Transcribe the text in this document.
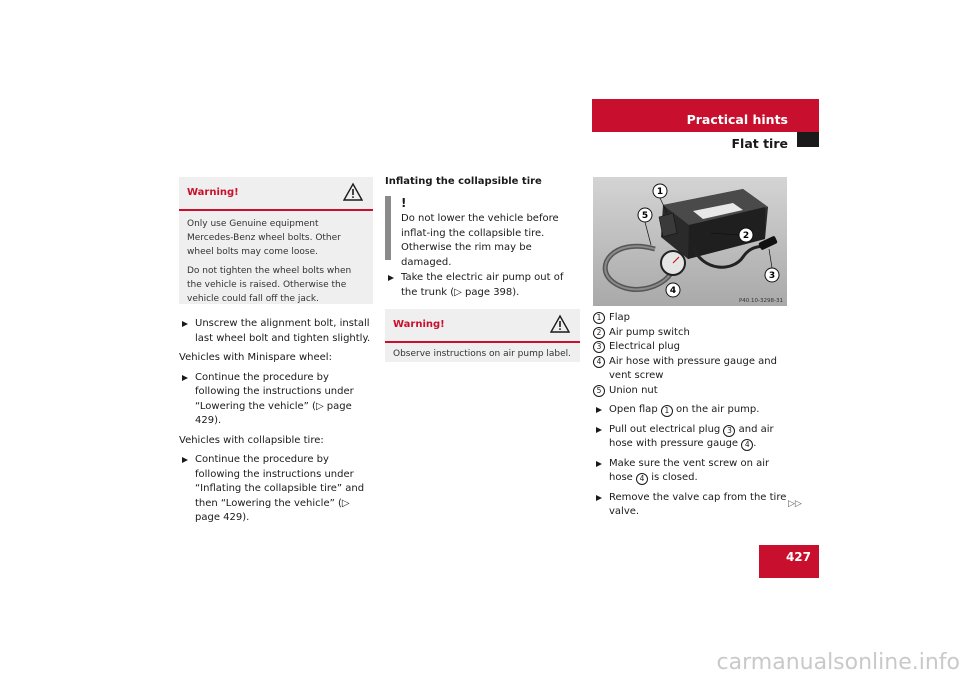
Practical hints
Flat tire
Warning!

Only use Genuine equipment Mercedes-Benz wheel bolts. Other wheel bolts may come loose.

Do not tighten the wheel bolts when the vehicle is raised. Otherwise the vehicle could fall off the jack.

Unscrew the alignment bolt, install last wheel bolt and tighten slightly.

Vehicles with Minispare wheel:

Continue the procedure by following the instructions under “Lowering the vehicle” (▷ page 429).

Vehicles with collapsible tire:

Continue the procedure by following the instructions under “Inflating the collapsible tire” and then “Lowering the vehicle” (▷ page 429).

Inflating the collapsible tire
!
Do not lower the vehicle before inflat-ing the collapsible tire. Otherwise the rim may be damaged.

Take the electric air pump out of the trunk (▷ page 398).

Warning!

Observe instructions on air pump label.

1
2
3
4
5
P40.10-3298-31
1 Flap
2 Air pump switch
3 Electrical plug
4 Air hose with pressure gauge and vent screw
5 Union nut

Open flap 1 on the air pump.

Pull out electrical plug 3 and air hose with pressure gauge 4 .

Make sure the vent screw on air hose 4 is closed.

Remove the valve cap from the tire valve.

▷▷
427
carmanualsonline.info
